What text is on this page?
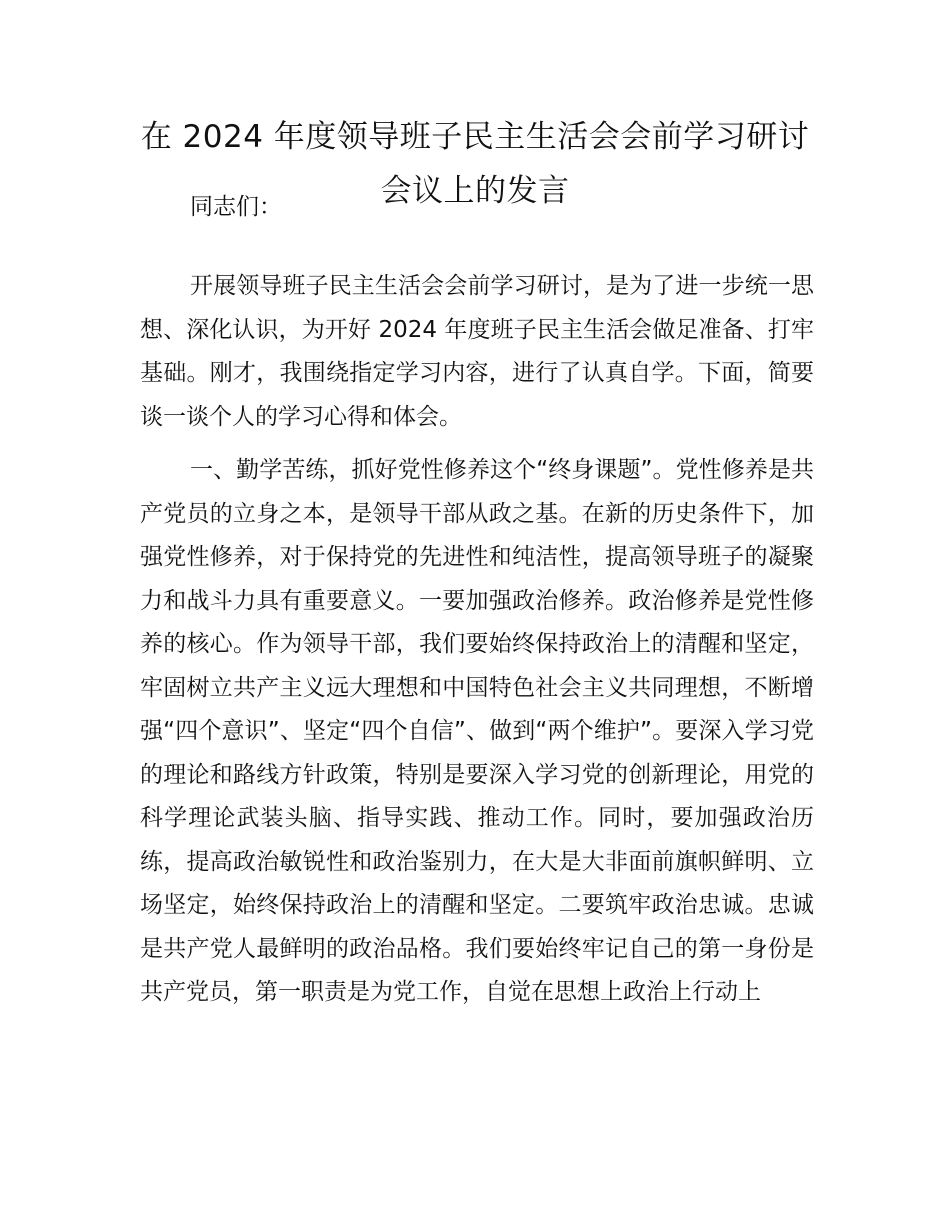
在 2024 年度领导班子民主生活会会前学习研讨会议上的发言

同志们：

开展领导班子民主生活会会前学习研讨，是为了进一步统一思想、深化认识，为开好 2024 年度班子民主生活会做足准备、打牢基础。刚才，我围绕指定学习内容，进行了认真自学。下面，简要谈一谈个人的学习心得和体会。

一、勤学苦练，抓好党性修养这个“终身课题”。党性修养是共产党员的立身之本，是领导干部从政之基。在新的历史条件下，加强党性修养，对于保持党的先进性和纯洁性，提高领导班子的凝聚力和战斗力具有重要意义。一要加强政治修养。政治修养是党性修养的核心。作为领导干部，我们要始终保持政治上的清醒和坚定，牢固树立共产主义远大理想和中国特色社会主义共同理想，不断增强“四个意识”、坚定“四个自信”、做到“两个维护”。要深入学习党的理论和路线方针政策，特别是要深入学习党的创新理论，用党的科学理论武装头脑、指导实践、推动工作。同时，要加强政治历练，提高政治敏锐性和政治鉴别力，在大是大非面前旗帜鲜明、立场坚定，始终保持政治上的清醒和坚定。二要筑牢政治忠诚。忠诚是共产党人最鲜明的政治品格。我们要始终牢记自己的第一身份是共产党员，第一职责是为党工作，自觉在思想上政治上行动上
